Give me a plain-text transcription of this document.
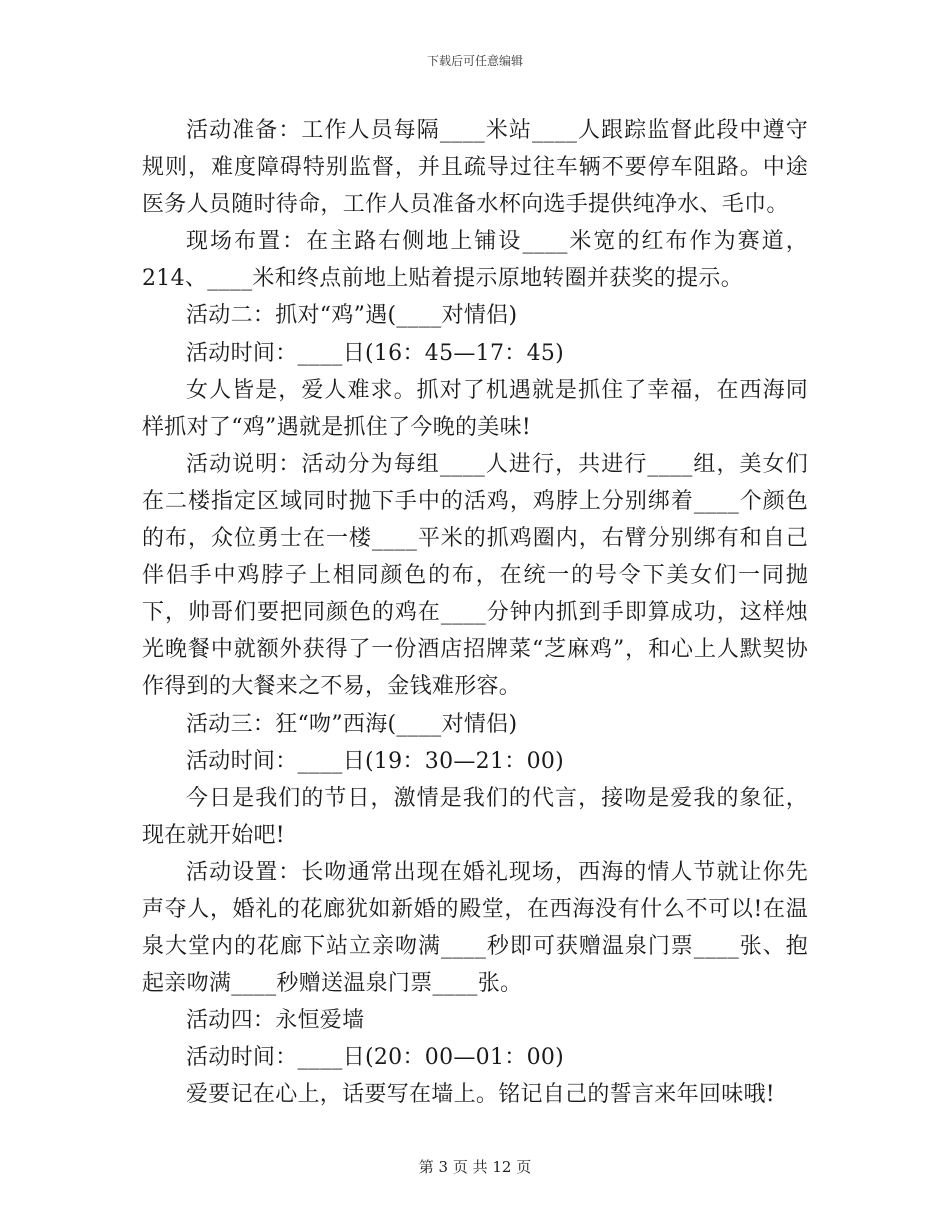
下载后可任意编辑

活动准备：工作人员每隔____米站____人跟踪监督此段中遵守规则，难度障碍特别监督，并且疏导过往车辆不要停车阻路。中途医务人员随时待命，工作人员准备水杯向选手提供纯净水、毛巾。

现场布置：在主路右侧地上铺设____米宽的红布作为赛道，214、____米和终点前地上贴着提示原地转圈并获奖的提示。

活动二：抓对“鸡”遇(____对情侣)

活动时间：____日(16：45—17：45)

女人皆是，爱人难求。抓对了机遇就是抓住了幸福，在西海同样抓对了“鸡”遇就是抓住了今晚的美味!

活动说明：活动分为每组____人进行，共进行____组，美女们在二楼指定区域同时抛下手中的活鸡，鸡脖上分别绑着____个颜色的布，众位勇士在一楼____平米的抓鸡圈内，右臂分别绑有和自己伴侣手中鸡脖子上相同颜色的布，在统一的号令下美女们一同抛下，帅哥们要把同颜色的鸡在____分钟内抓到手即算成功，这样烛光晚餐中就额外获得了一份酒店招牌菜“芝麻鸡”，和心上人默契协作得到的大餐来之不易，金钱难形容。

活动三：狂“吻”西海(____对情侣)

活动时间：____日(19：30—21：00)

今日是我们的节日，激情是我们的代言，接吻是爱我的象征，现在就开始吧!

活动设置：长吻通常出现在婚礼现场，西海的情人节就让你先声夺人，婚礼的花廊犹如新婚的殿堂，在西海没有什么不可以!在温泉大堂内的花廊下站立亲吻满____秒即可获赠温泉门票____张、抱起亲吻满____秒赠送温泉门票____张。

活动四：永恒爱墙

活动时间：____日(20：00—01：00)

爱要记在心上，话要写在墙上。铭记自己的誓言来年回味哦!

第 3 页 共 12 页
